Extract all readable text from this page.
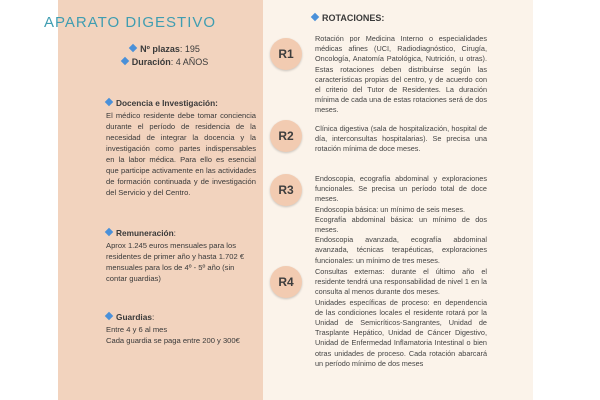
APARATO DIGESTIVO
Nº plazas: 195
Duración: 4 AÑOS
Docencia e Investigación:
El médico residente debe tomar conciencia durante el período de residencia de la necesidad de integrar la docencia y la investigación como partes indispensables en la labor médica. Para ello es esencial que participe activamente en las actividades de formación continuada y de investigación del Servicio y del Centro.
Remuneración:
Aprox 1.245 euros mensuales para los residentes de primer año y hasta 1.702 € mensuales para los de 4º - 5º año (sin contar guardias)
Guardias:
Entre 4 y 6 al mes
Cada guardia se paga entre 200 y 300€
ROTACIONES:
R1
Rotación por Medicina Interno o especialidades médicas afines (UCI, Radiodiagnóstico, Cirugía, Oncología, Anatomía Patológica, Nutrición, u otras). Estas rotaciones deben distribuirse según las características propias del centro, y de acuerdo con el criterio del Tutor de Residentes. La duración mínima de cada una de estas rotaciones será de dos meses.
R2
Clínica digestiva (sala de hospitalización, hospital de día, interconsultas hospitalarias). Se precisa una rotación mínima de doce meses.
R3
Endoscopia, ecografía abdominal y exploraciones funcionales. Se precisa un período total de doce meses.
Endoscopia básica: un mínimo de seis meses.
Ecografía abdominal básica: un mínimo de dos meses.
Endoscopia avanzada, ecografía abdominal avanzada, técnicas terapéuticas, exploraciones funcionales: un mínimo de tres meses.
R4
Consultas externas: durante el último año el residente tendrá una responsabilidad de nivel 1 en la consulta al menos durante dos meses.
Unidades específicas de proceso: en dependencia de las condiciones locales el residente rotará por la Unidad de Semicríticos-Sangrantes, Unidad de Trasplante Hepático, Unidad de Cáncer Digestivo, Unidad de Enfermedad Inflamatoria Intestinal o bien otras unidades de proceso. Cada rotación abarcará un período mínimo de dos meses
